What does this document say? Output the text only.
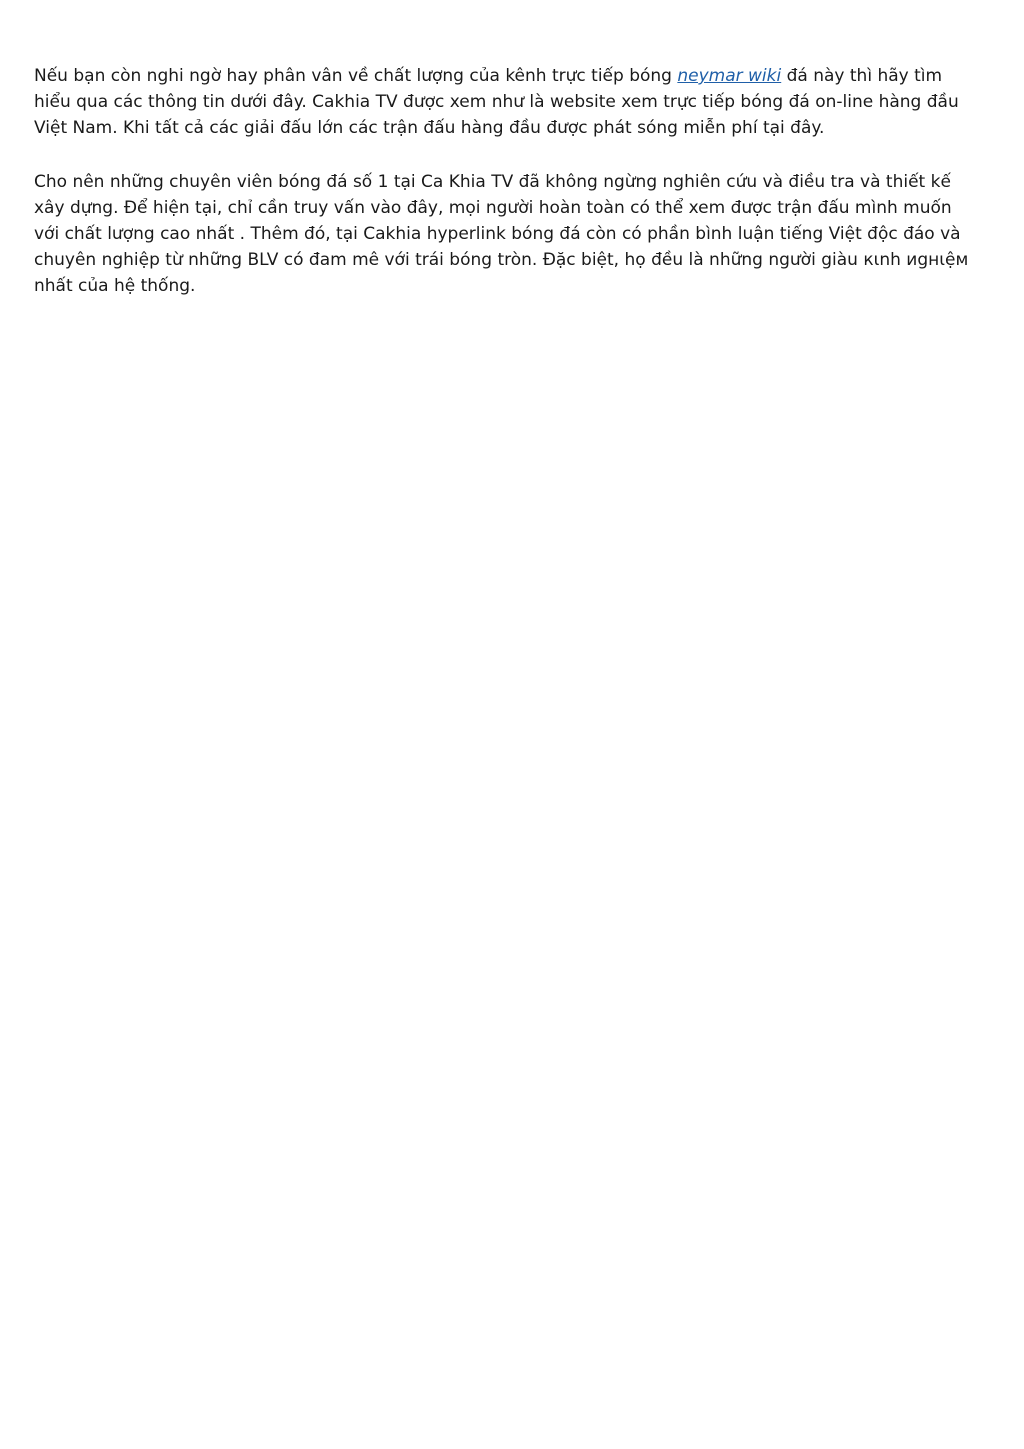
Nếu bạn còn nghi ngờ hay phân vân về chất lượng của kênh trực tiếp bóng neymar wiki đá này thì hãy tìm hiểu qua các thông tin dưới đây. Cakhia TV được xem như là website xem trực tiếp bóng đá on-line hàng đầu Việt Nam. Khi tất cả các giải đấu lớn các trận đấu hàng đầu được phát sóng miễn phí tại đây.

Cho nên những chuyên viên bóng đá số 1 tại Ca Khia TV đã không ngừng nghiên cứu và điều tra và thiết kế xây dựng. Để hiện tại, chỉ cần truy vấn vào đây, mọi người hoàn toàn có thể xem được trận đấu mình muốn với chất lượng cao nhất . Thêm đó, tại Cakhia hyperlink bóng đá còn có phần bình luận tiếng Việt độc đáo và chuyên nghiệp từ những BLV có đam mê với trái bóng tròn. Đặc biệt, họ đều là những người giàu кιnh иgнιệм nhất của hệ thống.
